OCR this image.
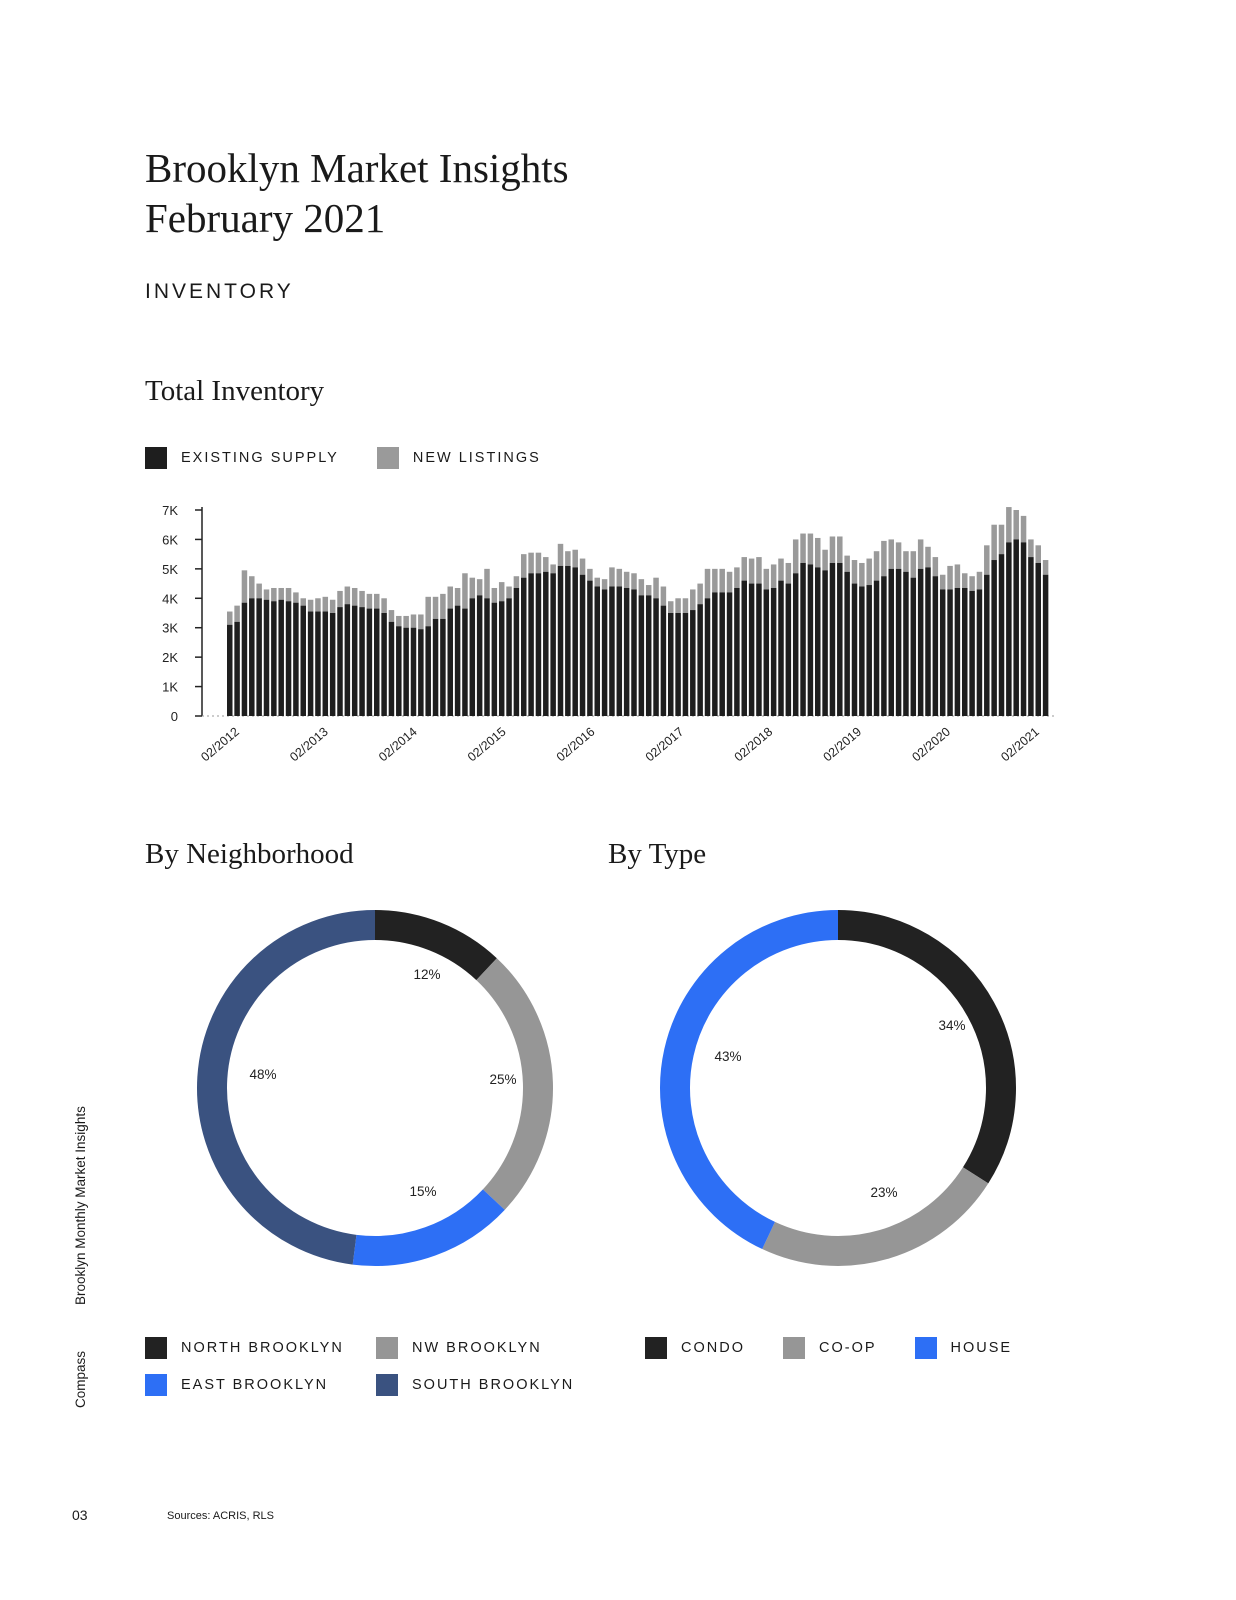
Brooklyn Market Insights
February 2021
INVENTORY
Total Inventory
EXISTING SUPPLY	NEW LISTINGS
0
1K
2K
3K
4K
5K
6K
7K
02/2012	02/2013	02/2014	02/2015	02/2016	02/2017	02/2018	02/2019	02/2020	02/2021
By Neighborhood	By Type
12%
25%
15%
48%
34%
23%
43%
NORTH BROOKLYN	NW BROOKLYN
EAST BROOKLYN	SOUTH BROOKLYN
CONDO	CO-OP	HOUSE
Brooklyn Monthly Market Insights
Compass
03	Sources: ACRIS, RLS
